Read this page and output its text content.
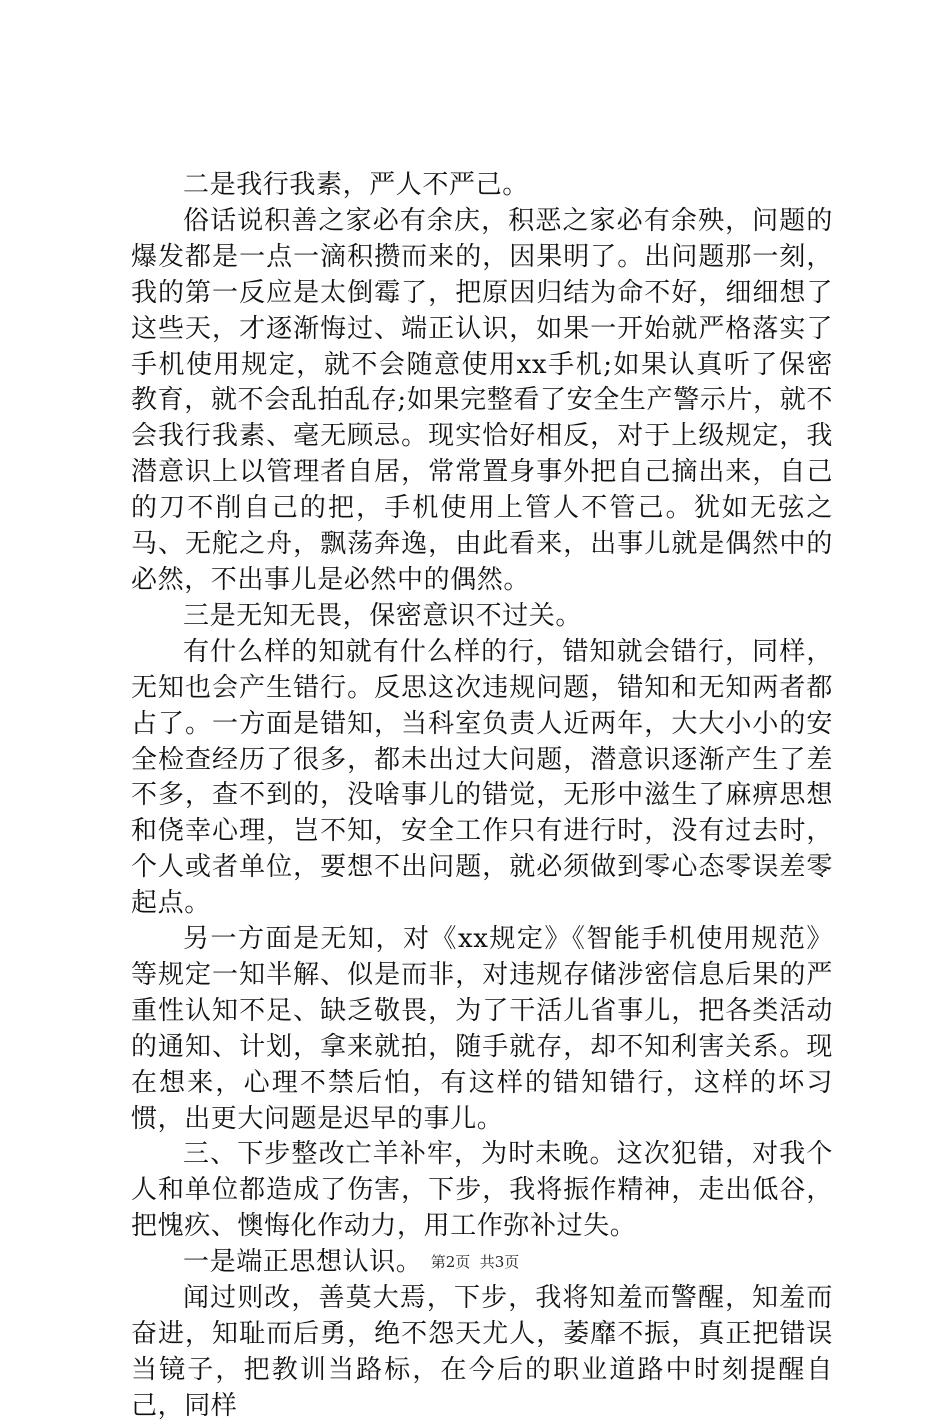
二是我行我素，严人不严己。

俗话说积善之家必有余庆，积恶之家必有余殃，问题的爆发都是一点一滴积攒而来的，因果明了。出问题那一刻，我的第一反应是太倒霉了，把原因归结为命不好，细细想了这些天，才逐渐悔过、端正认识，如果一开始就严格落实了手机使用规定，就不会随意使用xx手机;如果认真听了保密教育，就不会乱拍乱存;如果完整看了安全生产警示片，就不会我行我素、毫无顾忌。现实恰好相反，对于上级规定，我潜意识上以管理者自居，常常置身事外把自己摘出来，自己的刀不削自己的把，手机使用上管人不管己。犹如无弦之马、无舵之舟，飘荡奔逸，由此看来，出事儿就是偶然中的必然，不出事儿是必然中的偶然。

三是无知无畏，保密意识不过关。

有什么样的知就有什么样的行，错知就会错行，同样，无知也会产生错行。反思这次违规问题，错知和无知两者都占了。一方面是错知，当科室负责人近两年，大大小小的安全检查经历了很多，都未出过大问题，潜意识逐渐产生了差不多，查不到的，没啥事儿的错觉，无形中滋生了麻痹思想和侥幸心理，岂不知，安全工作只有进行时，没有过去时，个人或者单位，要想不出问题，就必须做到零心态零误差零起点。

另一方面是无知，对《xx规定》《智能手机使用规范》等规定一知半解、似是而非，对违规存储涉密信息后果的严重性认知不足、缺乏敬畏，为了干活儿省事儿，把各类活动的通知、计划，拿来就拍，随手就存，却不知利害关系。现在想来，心理不禁后怕，有这样的错知错行，这样的坏习惯，出更大问题是迟早的事儿。

三、下步整改亡羊补牢，为时未晚。这次犯错，对我个人和单位都造成了伤害，下步，我将振作精神，走出低谷，把愧疚、懊悔化作动力，用工作弥补过失。

一是端正思想认识。

闻过则改，善莫大焉，下步，我将知羞而警醒，知羞而奋进，知耻而后勇，绝不怨天尤人，萎靡不振，真正把错误当镜子，把教训当路标，在今后的职业道路中时刻提醒自己，同样

第2页  共3页
